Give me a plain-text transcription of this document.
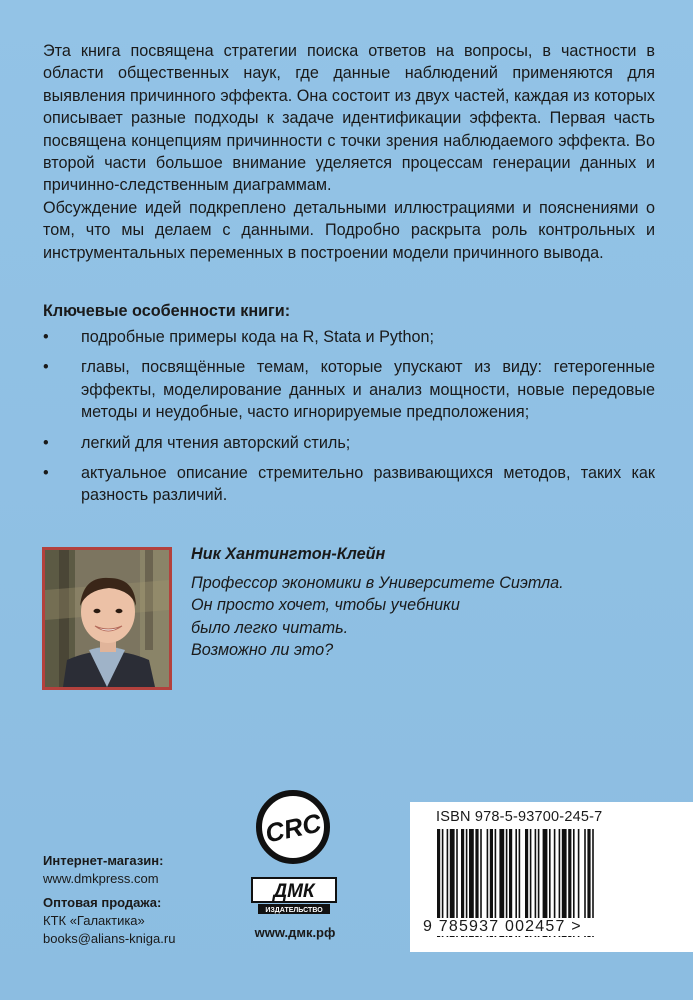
Эта книга посвящена стратегии поиска ответов на вопросы, в частности в области общественных наук, где данные наблюдений применяются для выявления причинного эффекта. Она состоит из двух частей, каждая из которых описывает разные подходы к задаче идентификации эффекта. Первая часть посвящена концепциям причинности с точки зрения наблюдаемого эффекта. Во второй части большое внимание уделяется процессам генерации данных и причинно-следственным диаграммам.

Обсуждение идей подкреплено детальными иллюстрациями и пояснениями о том, что мы делаем с данными. Подробно раскрыта роль контрольных и инструментальных переменных в построении модели причинного вывода.

Ключевые особенности книги:
• подробные примеры кода на R, Stata и Python;
• главы, посвящённые темам, которые упускают из виду: гетерогенные эффекты, моделирование данных и анализ мощности, новые передовые методы и неудобные, часто игнорируемые предположения;
• легкий для чтения авторский стиль;
• актуальное описание стремительно развивающихся методов, таких как разность различий.
Ник Хантингтон-Клейн
Профессор экономики в Университете Сиэтла.
Он просто хочет, чтобы учебники
было легко читать.
Возможно ли это?
CRC
ДМК
ИЗДАТЕЛЬСТВО
www.дмк.рф
Интернет-магазин:
www.dmkpress.com
Оптовая продажа:
КТК «Галактика»
books@alians-kniga.ru
ISBN 978-5-93700-245-7
9 785937 002457 >
